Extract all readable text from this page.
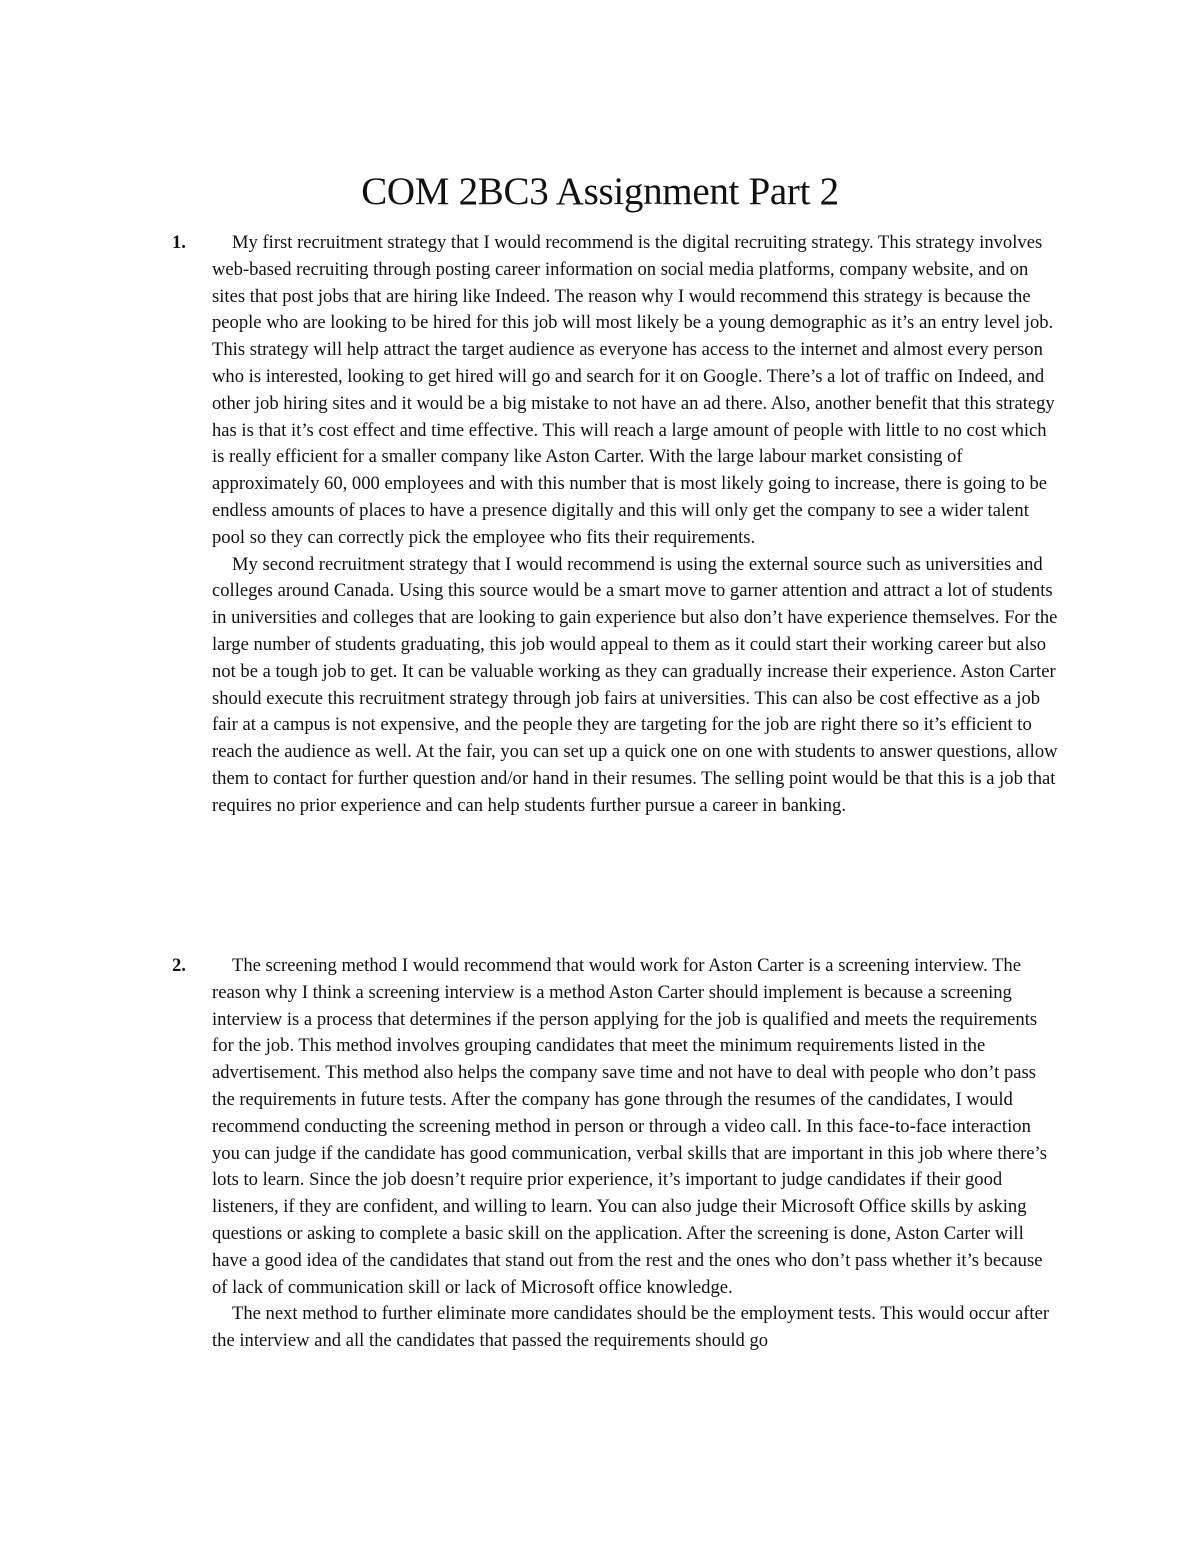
COM 2BC3 Assignment Part 2
1.	My first recruitment strategy that I would recommend is the digital recruiting strategy. This strategy involves web-based recruiting through posting career information on social media platforms, company website, and on sites that post jobs that are hiring like Indeed. The reason why I would recommend this strategy is because the people who are looking to be hired for this job will most likely be a young demographic as it’s an entry level job. This strategy will help attract the target audience as everyone has access to the internet and almost every person who is interested, looking to get hired will go and search for it on Google. There’s a lot of traffic on Indeed, and other job hiring sites and it would be a big mistake to not have an ad there. Also, another benefit that this strategy has is that it’s cost effect and time effective. This will reach a large amount of people with little to no cost which is really efficient for a smaller company like Aston Carter. With the large labour market consisting of approximately 60, 000 employees and with this number that is most likely going to increase, there is going to be endless amounts of places to have a presence digitally and this will only get the company to see a wider talent pool so they can correctly pick the employee who fits their requirements.

My second recruitment strategy that I would recommend is using the external source such as universities and colleges around Canada. Using this source would be a smart move to garner attention and attract a lot of students in universities and colleges that are looking to gain experience but also don’t have experience themselves. For the large number of students graduating, this job would appeal to them as it could start their working career but also not be a tough job to get. It can be valuable working as they can gradually increase their experience. Aston Carter should execute this recruitment strategy through job fairs at universities. This can also be cost effective as a job fair at a campus is not expensive, and the people they are targeting for the job are right there so it’s efficient to reach the audience as well. At the fair, you can set up a quick one on one with students to answer questions, allow them to contact for further question and/or hand in their resumes. The selling point would be that this is a job that requires no prior experience and can help students further pursue a career in banking.

2.	The screening method I would recommend that would work for Aston Carter is a screening interview. The reason why I think a screening interview is a method Aston Carter should implement is because a screening interview is a process that determines if the person applying for the job is qualified and meets the requirements for the job. This method involves grouping candidates that meet the minimum requirements listed in the advertisement. This method also helps the company save time and not have to deal with people who don’t pass the requirements in future tests. After the company has gone through the resumes of the candidates, I would recommend conducting the screening method in person or through a video call. In this face-to-face interaction you can judge if the candidate has good communication, verbal skills that are important in this job where there’s lots to learn. Since the job doesn’t require prior experience, it’s important to judge candidates if their good listeners, if they are confident, and willing to learn. You can also judge their Microsoft Office skills by asking questions or asking to complete a basic skill on the application. After the screening is done, Aston Carter will have a good idea of the candidates that stand out from the rest and the ones who don’t pass whether it’s because of lack of communication skill or lack of Microsoft office knowledge.

The next method to further eliminate more candidates should be the employment tests. This would occur after the interview and all the candidates that passed the requirements should go
